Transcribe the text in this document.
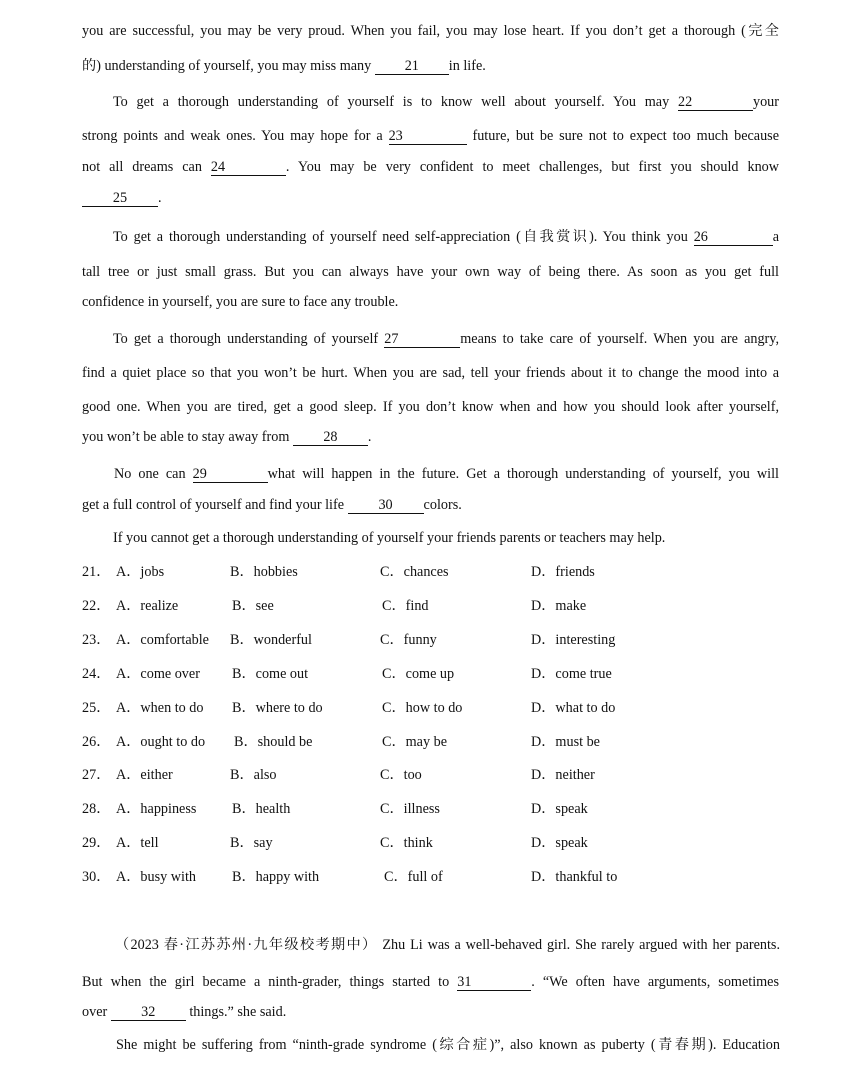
you are successful, you may be very proud. When you fail, you may lose heart. If you don’t get a thorough (完全
的) understanding of yourself, you may miss many 21 in life.
To get a thorough understanding of yourself is to know well about yourself. You may 22	your
strong points and weak ones. You may hope for a 23	future, but be sure not to expect too much because
not all dreams can 24	. You may be very confident to meet challenges, but first you should know
25 .
To get a thorough understanding of yourself need self-appreciation (自我赏识). You think you 26	a
tall tree or just small grass. But you can always have your own way of being there. As soon as you get full
confidence in yourself, you are sure to face any trouble.
To get a thorough understanding of yourself 27	means to take care of yourself. When you are angry,
find a quiet place so that you won’t be hurt. When you are sad, tell your friends about it to change the mood into a
good one. When you are tired, get a good sleep. If you don’t know when and how you should look after yourself,
you won’t be able to stay away from 28 .
No one can 29	what will happen in the future. Get a thorough understanding of yourself, you will
get a full control of yourself and find your life 30 colors.
If you cannot get a thorough understanding of yourself your friends parents or teachers may help.
21． A．jobs	B．hobbies	C．chances	D．friends
22． A．realize	B．see	C．find	D．make
23． A．comfortable B．wonderful	C．funny	D．interesting
24． A．come over B．come out	C．come up	D．come true
25． A．when to do B．where to do	C．how to do	D．what to do
26． A．ought to do B．should be	C．may be	D．must be
27． A．either	B．also	C．too	D．neither
28． A．happiness	B．health	C．illness	D．speak
29． A．tell	B．say	C．think	D．speak
30． A．busy with	B．happy with	C．full of	D．thankful to
（2023 春·江苏苏州·九年级校考期中） Zhu Li was a well-behaved girl. She rarely argued with her parents.
But when the girl became a ninth-grader, things started to 31	. “We often have arguments, sometimes
over 32 things.” she said.
She might be suffering from “ninth-grade syndrome (综合症)”, also known as puberty (青春期). Education
